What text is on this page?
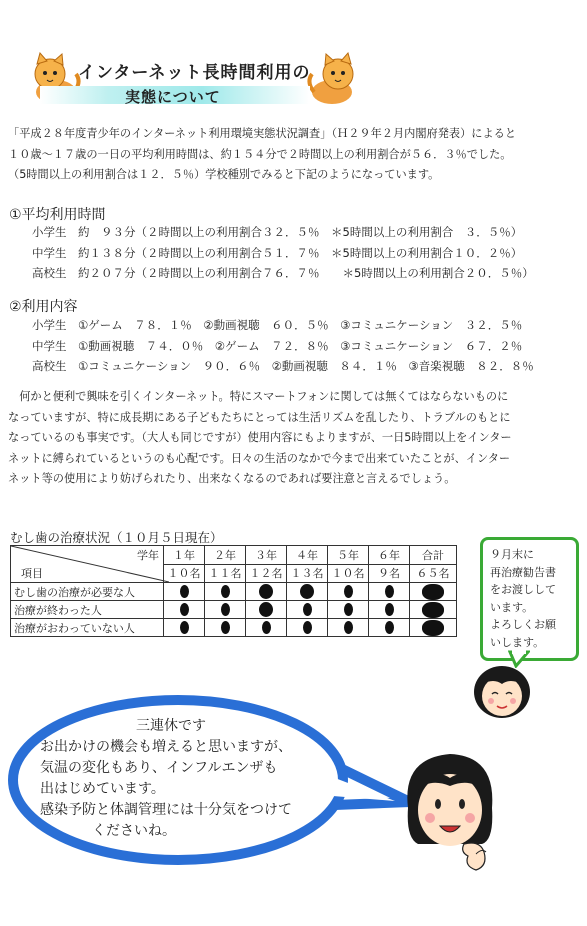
インターネット長時間利用の
実態について
「平成２８年度青少年のインターネット利用環境実態状況調査」（Ｈ２９年２月内閣府発表）によると
１０歳～１７歳の一日の平均利用時間は、約１５４分で２時間以上の利用割合が５６．３％でした。
（5時間以上の利用割合は１２．５％）学校種別でみると下記のようになっています。
①平均利用時間
小学生　約　９３分（２時間以上の利用割合３２．５％　＊5時間以上の利用割合　３．５％）
中学生　約１３８分（２時間以上の利用割合５１．７％　＊5時間以上の利用割合１０．２％）
高校生　約２０７分（２時間以上の利用割合７６．７％　　＊5時間以上の利用割合２０．５％）
②利用内容
小学生　①ゲーム　７８．１％　②動画視聴　６０．５％　③コミュニケーション　３２．５％
中学生　①動画視聴　７４．０％　②ゲーム　７２．８％　③コミュニケーション　６７．２％
高校生　①コミュニケーション　９０．６％　②動画視聴　８４．１％　③音楽視聴　８２．８％
　何かと便利で興味を引くインターネット。特にスマートフォンに関しては無くてはならないものに
なっていますが、特に成長期にある子どもたちにとっては生活リズムを乱したり、トラブルのもとに
なっているのも事実です。（大人も同じですが）使用内容にもよりますが、一日5時間以上をインター
ネットに縛られているというのも心配です。日々の生活のなかで今まで出来ていたことが、インター
ネット等の使用により妨げられたり、出来なくなるのであれば要注意と言えるでしょう。
むし歯の治療状況（１０月５日現在）
学年
項目	１年	２年	３年	４年	５年	６年	合計
	１０名	１１名	１２名	１３名	１０名	９名	６５名
むし歯の治療が必要な人							
治療が終わった人							
治療がおわっていない人							
９月末に
再治療勧告書
をお渡しして
います。
よろしくお願
いします。
三連休です
お出かけの機会も増えると思いますが、
気温の変化もあり、インフルエンザも
出はじめています。
感染予防と体調管理には十分気をつけて
くださいね。
